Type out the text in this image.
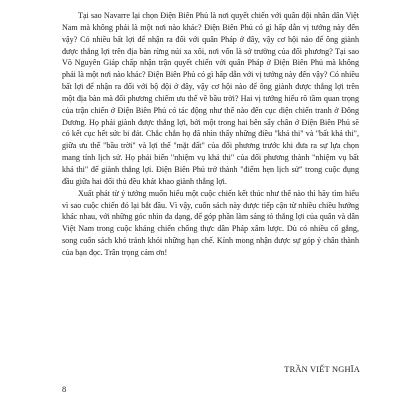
Tại sao Navarre lại chọn Điện Biên Phủ là nơi quyết chiến với quân đội nhân dân Việt Nam mà không phải là một nơi nào khác? Điện Biên Phủ có gì hấp dẫn vị tướng này đến vậy? Có nhiều bất lợi để nhận ra đối với quân Pháp ở đây, vậy cơ hội nào để ông giành được thắng lợi trên địa bàn rừng núi xa xôi, nơi vốn là sở trường của đối phương? Tại sao Võ Nguyên Giáp chấp nhận trận quyết chiến với quân Pháp ở Điện Biên Phủ mà không phải là một nơi nào khác? Điện Biên Phủ có gì hấp dẫn với vị tướng này đến vậy? Có nhiều bất lợi để nhận ra đối với bộ đội ở đây, vậy cơ hội nào để ông giành được thắng lợi trên một địa bàn mà đối phương chiếm ưu thế về bầu trời? Hai vị tướng hiểu rõ tầm quan trọng của trận chiến ở Điện Biên Phủ có tác động như thế nào đến cục diện chiến tranh ở Đông Dương. Họ phải giành được thắng lợi, bởi một trong hai bên sẩy chân ở Điện Biên Phủ sẽ có kết cục hết sức bi đát. Chắc chắn họ đã nhìn thấy những điều "khả thi" và "bất khả thi", giữa ưu thế "bầu trời" và lợi thế "mặt đất" của đối phương trước khi đưa ra sự lựa chọn mang tính lịch sử. Họ phải biến "nhiệm vụ khả thi" của đối phương thành "nhiệm vụ bất khả thi" để giành thắng lợi. Điện Biên Phủ trở thành "điểm hẹn lịch sử" trong cuộc đụng đầu giữa hai đối thủ đều khát khao giành thắng lợi.

Xuất phát từ ý tưởng muốn hiểu một cuộc chiến kết thúc như thế nào thì hãy tìm hiểu vì sao cuộc chiến đó lại bắt đầu. Vì vậy, cuốn sách này được tiếp cận từ nhiều chiều hướng khác nhau, với những góc nhìn đa dạng, để góp phần làm sáng tỏ thắng lợi của quân và dân Việt Nam trong cuộc kháng chiến chống thực dân Pháp xâm lược. Dù có nhiều cố gắng, song cuốn sách khó tránh khỏi những hạn chế. Kính mong nhận được sự góp ý chân thành của bạn đọc. Trân trọng cảm ơn!

TRẦN VIẾT NGHĨA
8
